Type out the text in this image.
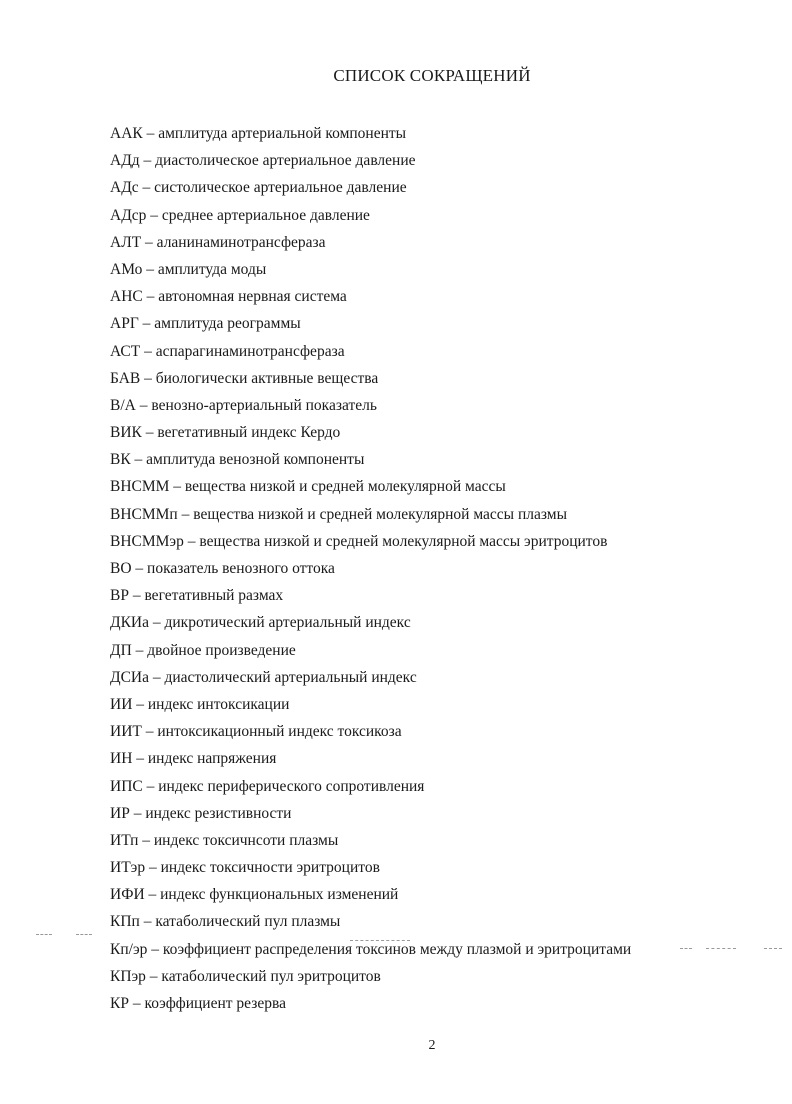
СПИСОК СОКРАЩЕНИЙ
ААК – амплитуда артериальной компоненты
АДд – диастолическое артериальное давление
АДс – систолическое артериальное давление
АДср – среднее артериальное давление
АЛТ – аланинаминотрансфераза
АМо – амплитуда моды
АНС – автономная нервная система
АРГ – амплитуда реограммы
АСТ – аспарагинаминотрансфераза
БАВ – биологически активные вещества
В/А – венозно-артериальный показатель
ВИК – вегетативный индекс Кердо
ВК – амплитуда венозной компоненты
ВНСММ – вещества низкой и средней молекулярной массы
ВНСММп – вещества низкой и средней молекулярной массы плазмы
ВНСММэр – вещества низкой и средней молекулярной массы эритроцитов
ВО – показатель венозного оттока
ВР – вегетативный размах
ДКИа – дикротический артериальный индекс
ДП – двойное произведение
ДСИа – диастолический артериальный индекс
ИИ – индекс интоксикации
ИИТ – интоксикационный индекс токсикоза
ИН – индекс напряжения
ИПС – индекс периферического сопротивления
ИР – индекс резистивности
ИТп – индекс токсичнсоти плазмы
ИТэр – индекс токсичности эритроцитов
ИФИ – индекс функциональных изменений
КПп – катаболический пул плазмы
Кп/эр – коэффициент распределения токсинов между плазмой и эритроцитами
КПэр – катаболический пул эритроцитов
КР – коэффициент резерва
2
